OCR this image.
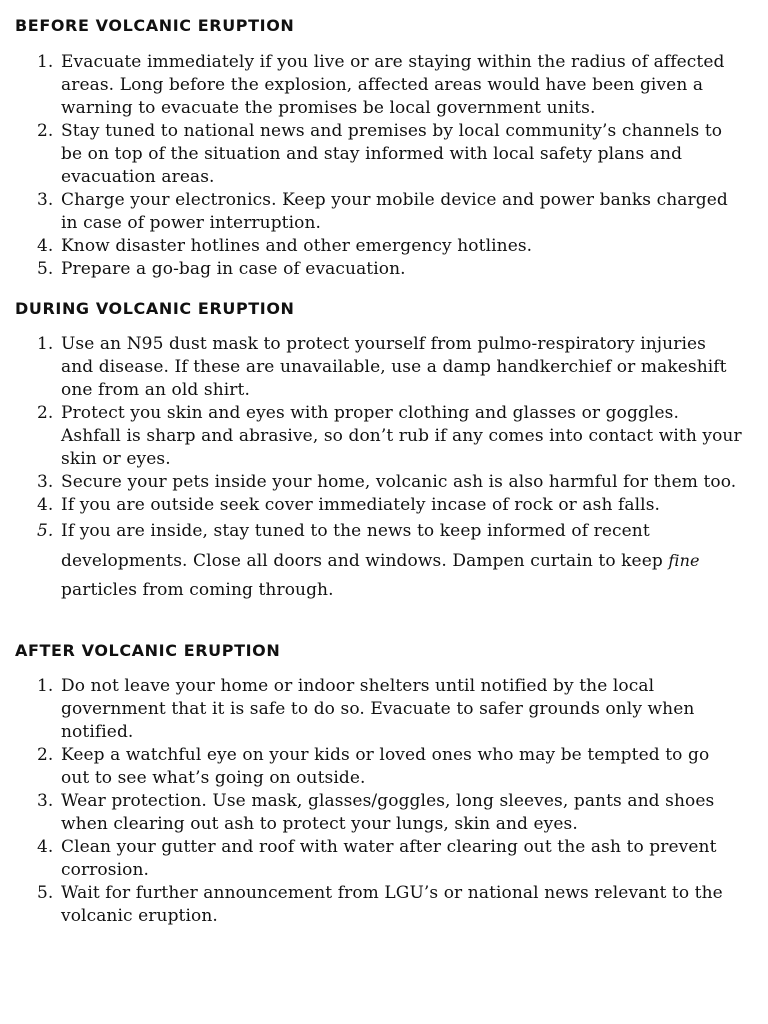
BEFORE VOLCANIC ERUPTION
1. Evacuate immediately if you live or are staying within the radius of affected areas. Long before the explosion, affected areas would have been given a warning to evacuate the promises be local government units.
2. Stay tuned to national news and premises by local community’s channels to be on top of the situation and stay informed with local safety plans and evacuation areas.
3. Charge your electronics. Keep your mobile device and power banks charged in case of power interruption.
4. Know disaster hotlines and other emergency hotlines.
5. Prepare a go-bag in case of evacuation.
DURING VOLCANIC ERUPTION
1. Use an N95 dust mask to protect yourself from pulmo-respiratory injuries and disease. If these are unavailable, use a damp handkerchief or makeshift one from an old shirt.
2. Protect you skin and eyes with proper clothing and glasses or goggles. Ashfall is sharp and abrasive, so don’t rub if any comes into contact with your skin or eyes.
3. Secure your pets inside your home, volcanic ash is also harmful for them too.
4. If you are outside seek cover immediately incase of rock or ash falls.
5. If you are inside, stay tuned to the news to keep informed of recent developments. Close all doors and windows. Dampen curtain to keep fine particles from coming through.
AFTER VOLCANIC ERUPTION
1. Do not leave your home or indoor shelters until notified by the local government that it is safe to do so. Evacuate to safer grounds only when notified.
2. Keep a watchful eye on your kids or loved ones who may be tempted to go out to see what’s going on outside.
3. Wear protection. Use mask, glasses/goggles, long sleeves, pants and shoes when clearing out ash to protect your lungs, skin and eyes.
4. Clean your gutter and roof with water after clearing out the ash to prevent corrosion.
5. Wait for further announcement from LGU’s or national news relevant to the volcanic eruption.
